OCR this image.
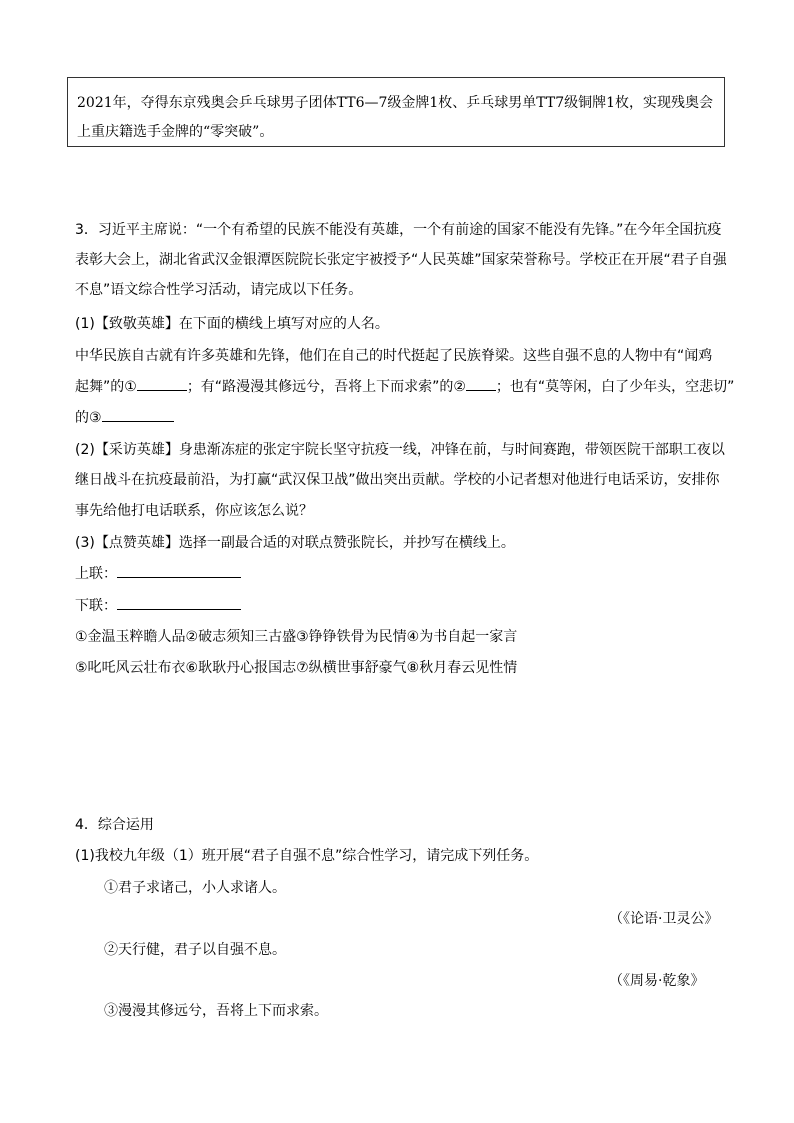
2021年，夺得东京残奥会乒乓球男子团体TT6—7级金牌1枚、乒乓球男单TT7级铜牌1枚，实现残奥会
上重庆籍选手金牌的“零突破”。
3．习近平主席说：“一个有希望的民族不能没有英雄，一个有前途的国家不能没有先锋。”在今年全国抗疫
表彰大会上，湖北省武汉金银潭医院院长张定宇被授予“人民英雄”国家荣誉称号。学校正在开展“君子自强
不息”语文综合性学习活动，请完成以下任务。
(1)【致敬英雄】在下面的横线上填写对应的人名。
中华民族自古就有许多英雄和先锋，他们在自己的时代挺起了民族脊梁。这些自强不息的人物中有“闻鸡
起舞”的①	；有“路漫漫其修远兮，吾将上下而求索”的② ；也有“莫等闲，白了少年头，空悲切”
的③
(2)【采访英雄】身患渐冻症的张定宇院长坚守抗疫一线，冲锋在前，与时间赛跑，带领医院干部职工夜以
继日战斗在抗疫最前沿，为打赢“武汉保卫战”做出突出贡献。学校的小记者想对他进行电话采访，安排你
事先给他打电话联系，你应该怎么说？
(3)【点赞英雄】选择一副最合适的对联点赞张院长，并抄写在横线上。
上联：
下联：
①金温玉粹瞻人品②破志须知三古盛③铮铮铁骨为民情④为书自起一家言
⑤叱吒风云壮布衣⑥耿耿丹心报国志⑦纵横世事舒豪气⑧秋月春云见性情
4．综合运用
(1)我校九年级（1）班开展“君子自强不息”综合性学习，请完成下列任务。
①君子求诸己，小人求诸人。
（《论语·卫灵公》
②天行健，君子以自强不息。
（《周易·乾象》
③漫漫其修远兮，吾将上下而求索。
